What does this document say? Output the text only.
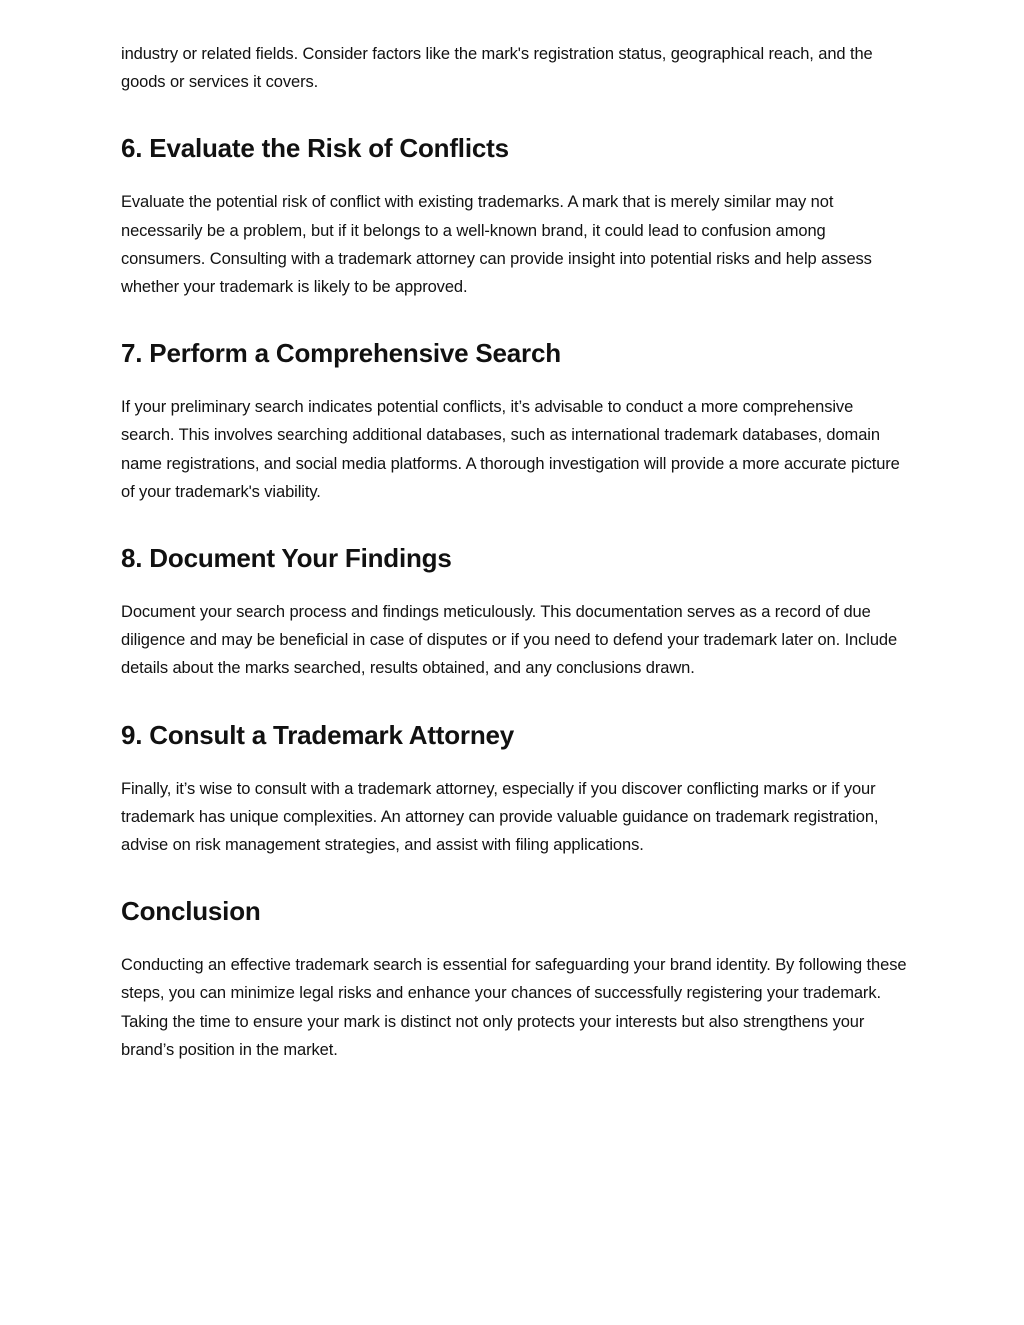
industry or related fields. Consider factors like the mark's registration status, geographical reach, and the goods or services it covers.

6. Evaluate the Risk of Conflicts

Evaluate the potential risk of conflict with existing trademarks. A mark that is merely similar may not necessarily be a problem, but if it belongs to a well-known brand, it could lead to confusion among consumers. Consulting with a trademark attorney can provide insight into potential risks and help assess whether your trademark is likely to be approved.

7. Perform a Comprehensive Search

If your preliminary search indicates potential conflicts, it’s advisable to conduct a more comprehensive search. This involves searching additional databases, such as international trademark databases, domain name registrations, and social media platforms. A thorough investigation will provide a more accurate picture of your trademark's viability.

8. Document Your Findings

Document your search process and findings meticulously. This documentation serves as a record of due diligence and may be beneficial in case of disputes or if you need to defend your trademark later on. Include details about the marks searched, results obtained, and any conclusions drawn.

9. Consult a Trademark Attorney

Finally, it’s wise to consult with a trademark attorney, especially if you discover conflicting marks or if your trademark has unique complexities. An attorney can provide valuable guidance on trademark registration, advise on risk management strategies, and assist with filing applications.

Conclusion

Conducting an effective trademark search is essential for safeguarding your brand identity. By following these steps, you can minimize legal risks and enhance your chances of successfully registering your trademark. Taking the time to ensure your mark is distinct not only protects your interests but also strengthens your brand’s position in the market.
